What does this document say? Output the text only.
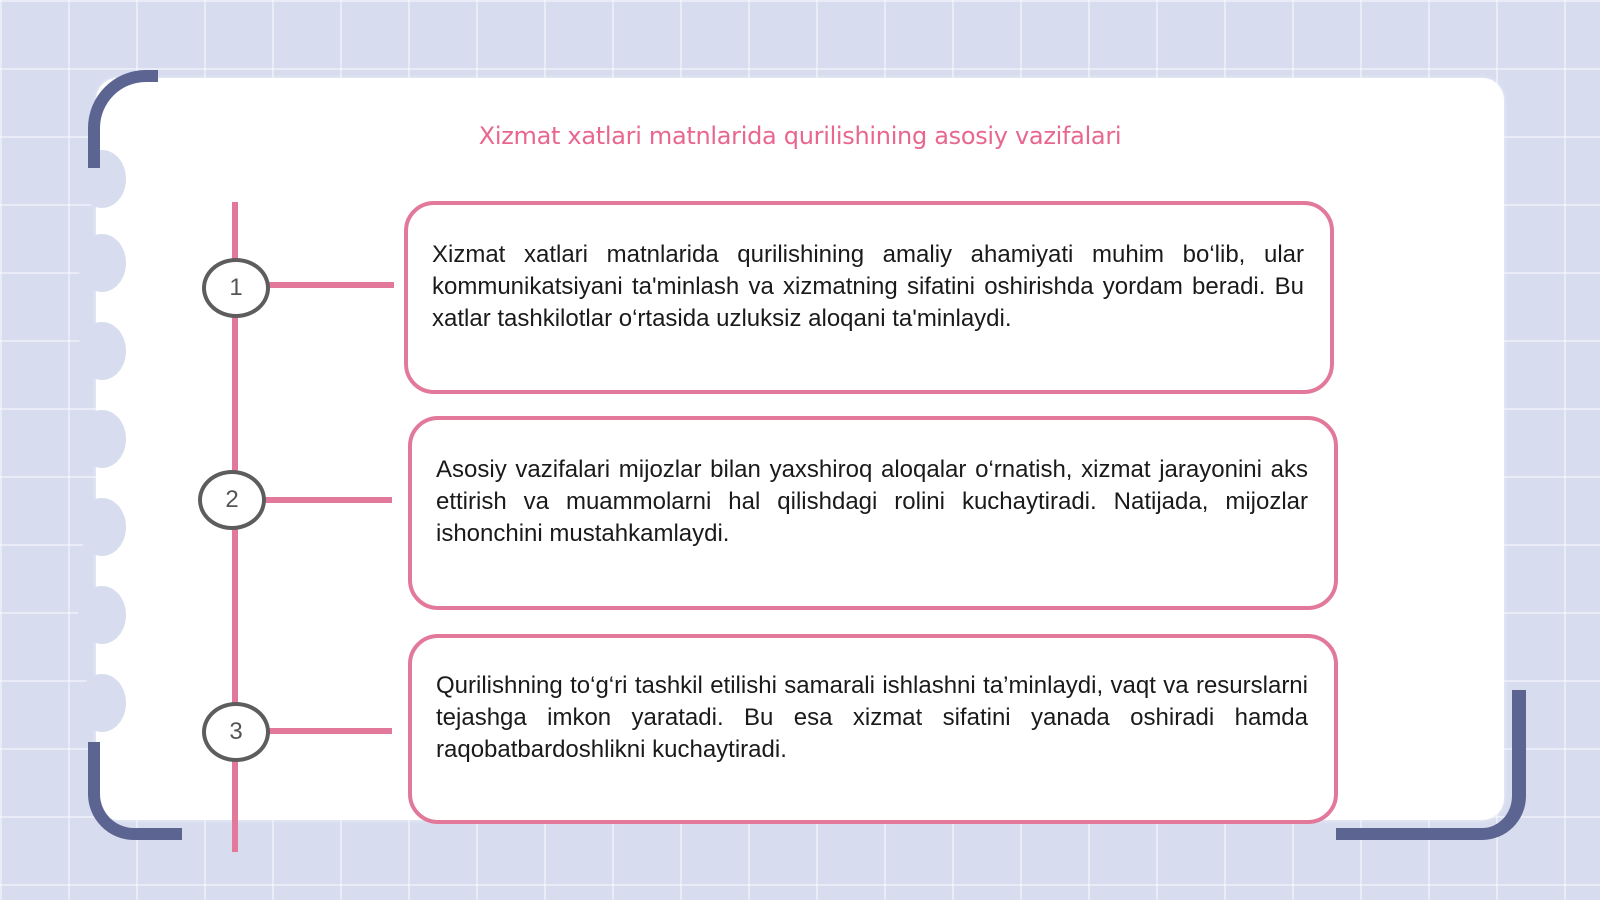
Xizmat xatlari matnlarida qurilishining asosiy vazifalari
1
2
3

Xizmat xatlari matnlarida qurilishining amaliy ahamiyati muhim bo‘lib, ular kommunikatsiyani ta'minlash va xizmatning sifatini oshirishda yordam beradi. Bu xatlar tashkilotlar o‘rtasida uzluksiz aloqani ta'minlaydi.

Asosiy vazifalari mijozlar bilan yaxshiroq aloqalar o‘rnatish, xizmat jarayonini aks ettirish va muammolarni hal qilishdagi rolini kuchaytiradi. Natijada, mijozlar ishonchini mustahkamlaydi.

Qurilishning to‘g‘ri tashkil etilishi samarali ishlashni ta’minlaydi, vaqt va resurslarni tejashga imkon yaratadi. Bu esa xizmat sifatini yanada oshiradi hamda raqobatbardoshlikni kuchaytiradi.
